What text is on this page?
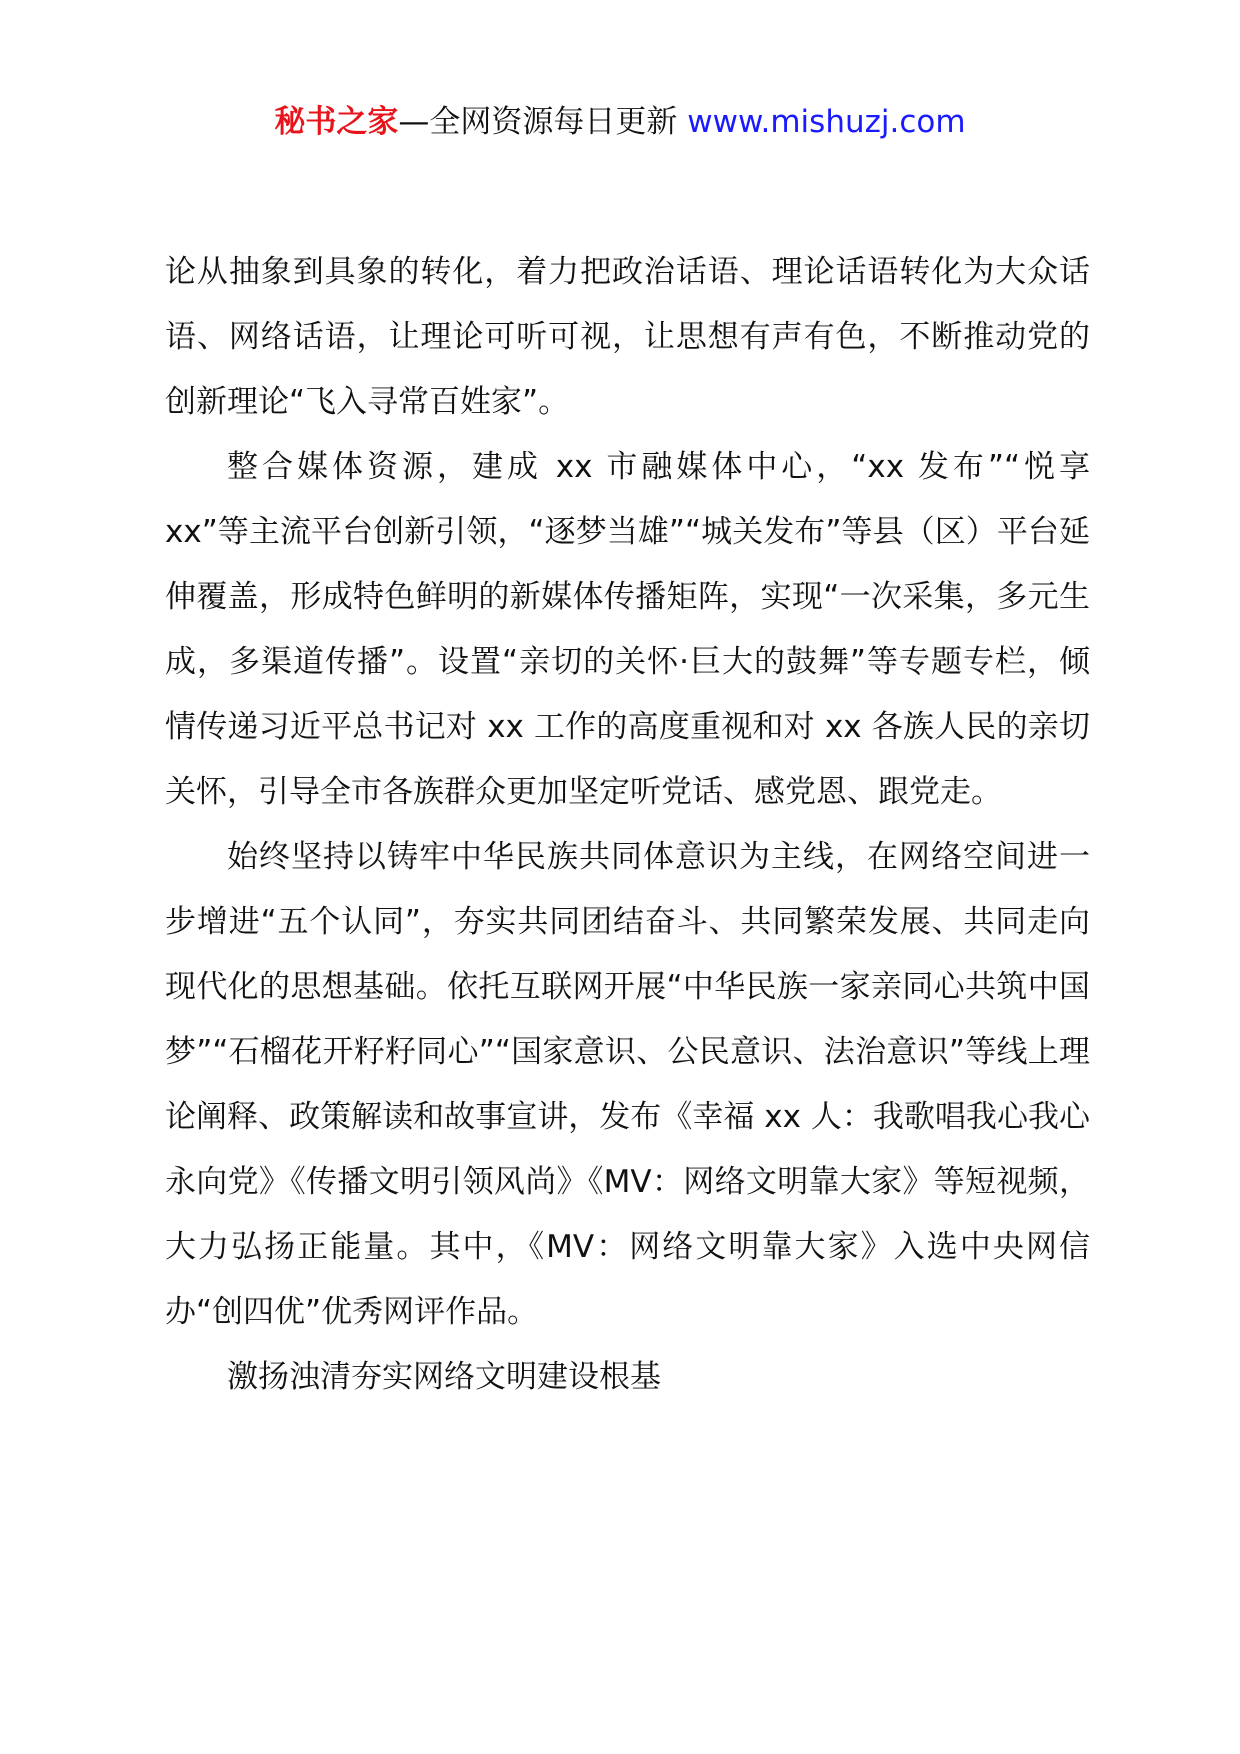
秘书之家—全网资源每日更新 www.mishuzj.com

论从抽象到具象的转化，着力把政治话语、理论话语转化为大众话语、网络话语，让理论可听可视，让思想有声有色，不断推动党的创新理论“飞入寻常百姓家”。

整合媒体资源，建成 xx 市融媒体中心，“xx 发布”“悦享 xx”等主流平台创新引领，“逐梦当雄”“城关发布”等县（区）平台延伸覆盖，形成特色鲜明的新媒体传播矩阵，实现“一次采集，多元生成，多渠道传播”。设置“亲切的关怀·巨大的鼓舞”等专题专栏，倾情传递习近平总书记对 xx 工作的高度重视和对 xx 各族人民的亲切关怀，引导全市各族群众更加坚定听党话、感党恩、跟党走。

始终坚持以铸牢中华民族共同体意识为主线，在网络空间进一步增进“五个认同”，夯实共同团结奋斗、共同繁荣发展、共同走向现代化的思想基础。依托互联网开展“中华民族一家亲同心共筑中国梦”“石榴花开籽籽同心”“国家意识、公民意识、法治意识”等线上理论阐释、政策解读和故事宣讲，发布《幸福 xx 人：我歌唱我心我心永向党》《传播文明引领风尚》《MV：网络文明靠大家》等短视频，大力弘扬正能量。其中，《MV：网络文明靠大家》入选中央网信办“创四优”优秀网评作品。

激扬浊清夯实网络文明建设根基
